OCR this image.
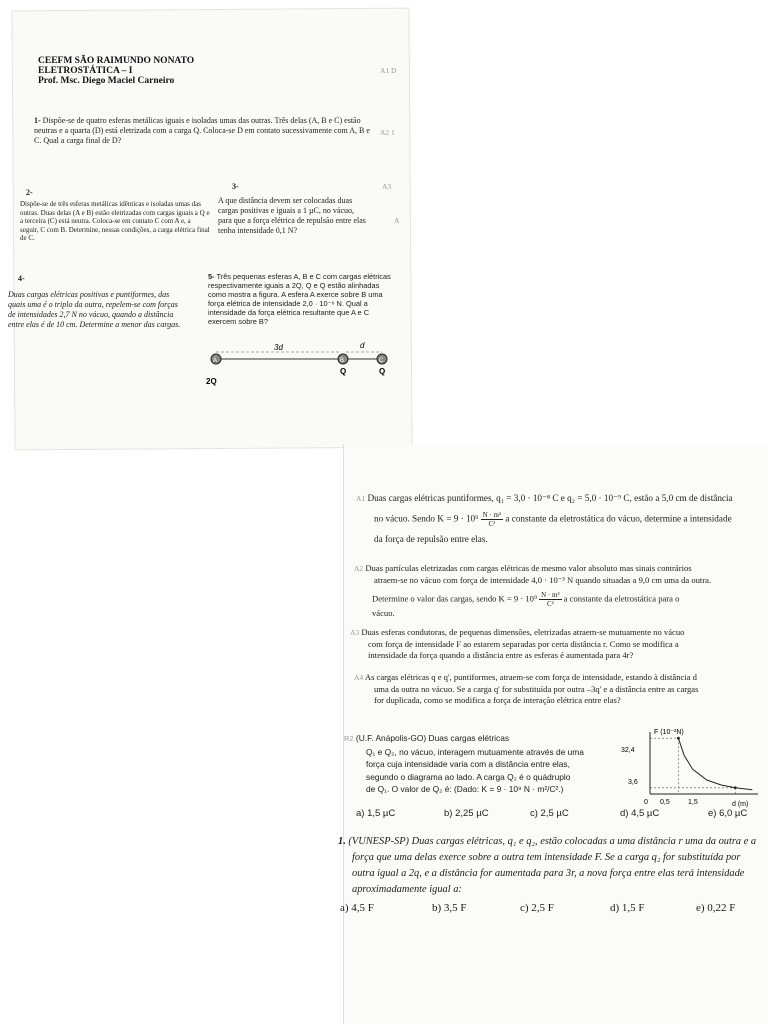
CEEFM SÃO RAIMUNDO NONATO
ELETROSTÁTICA – I
Prof. Msc. Diego Maciel Carneiro
A1 D
A2 1
A3
A
1- Dispõe-se de quatro esferas metálicas iguais e isoladas umas das outras. Três delas (A, B e C) estão neutras e a quarta (D) está eletrizada com a carga Q. Coloca-se D em contato sucessivamente com A, B e C. Qual a carga final de D?
2-
Dispõe-se de três esferas metálicas idênticas e isoladas umas das outras. Duas delas (A e B) estão eletrizadas com cargas iguais a Q e a terceira (C) está neutra. Coloca-se em contato C com A e, a seguir, C com B. Determine, nessas condições, a carga elétrica final de C.
3-
A que distância devem ser colocadas duas cargas positivas e iguais a 1 µC, no vácuo, para que a força elétrica de repulsão entre elas tenha intensidade 0,1 N?
4-
Duas cargas elétricas positivas e puntiformes, das quais uma é o triplo da outra, repelem-se com forças de intensidades 2,7 N no vácuo, quando a distância entre elas é de 10 cm. Determine a menor das cargas.
5- Três pequenas esferas A, B e C com cargas elétricas respectivamente iguais a 2Q, Q e Q estão alinhadas como mostra a figura. A esfera A exerce sobre B uma força elétrica de intensidade 2,0 · 10⁻⁶ N. Qual a intensidade da força elétrica resultante que A e C exercem sobre B?
3d	d
A	B	C
2Q
Q	Q
A1 Duas cargas elétricas puntiformes, q₁ = 3,0 · 10⁻⁸ C e q₂ = 5,0 · 10⁻⁹ C, estão a 5,0 cm de distância
no vácuo. Sendo $K = 9 \cdot 10^9 \frac{\text{N · m²}}{\text{C²}}$ a constante da eletrostática do vácuo, determine a intensidade
da força de repulsão entre elas.
A2 Duas partículas eletrizadas com cargas elétricas de mesmo valor absoluto mas sinais contrários
atraem-se no vácuo com força de intensidade 4,0 · 10⁻³ N quando situadas a 9,0 cm uma da outra.
Determine o valor das cargas, sendo $K = 9 \cdot 10^9 \frac{\text{N · m²}}{\text{C²}}$ a constante da eletrostática para o
vácuo.
A3 Duas esferas condutoras, de pequenas dimensões, eletrizadas atraem-se mutuamente no vácuo
com força de intensidade F ao estarem separadas por certa distância r. Como se modifica a
intensidade da força quando a distância entre as esferas é aumentada para 4r?
A4 As cargas elétricas q e q', puntiformes, atraem-se com força de intensidade, estando à distância d
uma da outra no vácuo. Se a carga q' for substituída por outra –3q' e a distância entre as cargas
for duplicada, como se modifica a força de interação elétrica entre elas?
R2 (U.F. Anápolis-GO) Duas cargas elétricas
Q₁ e Q₂, no vácuo, interagem mutuamente através de uma
força cuja intensidade varia com a distância entre elas,
segundo o diagrama ao lado. A carga Q₂ é o quádruplo
de Q₁. O valor de Q₂ é: (Dado: K = 9 · 10⁹ N · m²/C².)
F (10⁻²N)
d (m)
32,4
3,6
0 0,5	1,5
a) 1,5 µC	b) 2,25 µC	c) 2,5 µC	d) 4,5 µC	e) 6,0 µC
1. (VUNESP-SP) Duas cargas elétricas, q₁ e q₂, estão colocadas a uma distância r uma da outra e a
força que uma delas exerce sobre a outra tem intensidade F. Se a carga q₂ for substituída por
outra igual a 2q, e a distância for aumentada para 3r, a nova força entre elas terá intensidade
aproximadamente igual a:
a) 4,5 F	b) 3,5 F	c) 2,5 F	d) 1,5 F	e) 0,22 F
